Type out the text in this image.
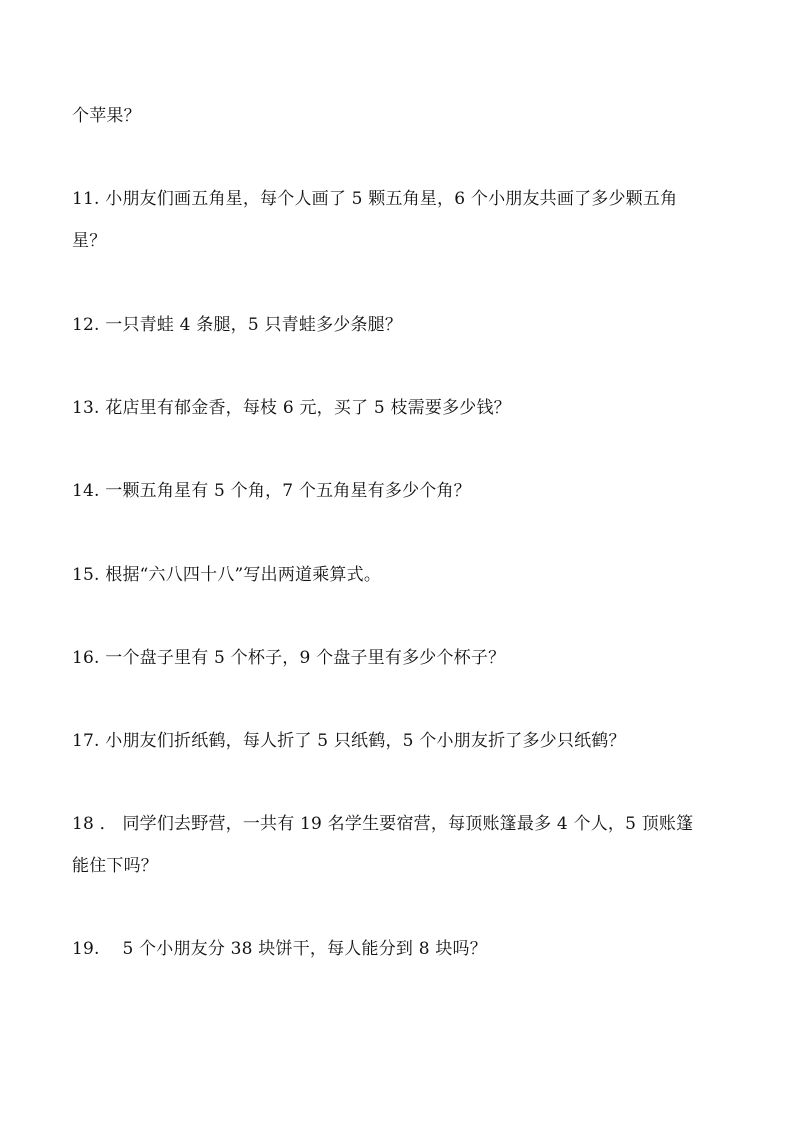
个苹果？
11. 小朋友们画五角星，每个人画了 5 颗五角星，6 个小朋友共画了多少颗五角
星？
12. 一只青蛙 4 条腿，5 只青蛙多少条腿？
13. 花店里有郁金香，每枝 6 元，买了 5 枝需要多少钱？
14. 一颗五角星有 5 个角，7 个五角星有多少个角？
15. 根据“六八四十八”写出两道乘算式。
16. 一个盘子里有 5 个杯子，9 个盘子里有多少个杯子？
17. 小朋友们折纸鹤，每人折了 5 只纸鹤，5 个小朋友折了多少只纸鹤？
18 ． 同学们去野营，一共有 19 名学生要宿营，每顶账篷最多 4 个人，5 顶账篷
能住下吗？
19. 　5 个小朋友分 38 块饼干，每人能分到 8 块吗？
